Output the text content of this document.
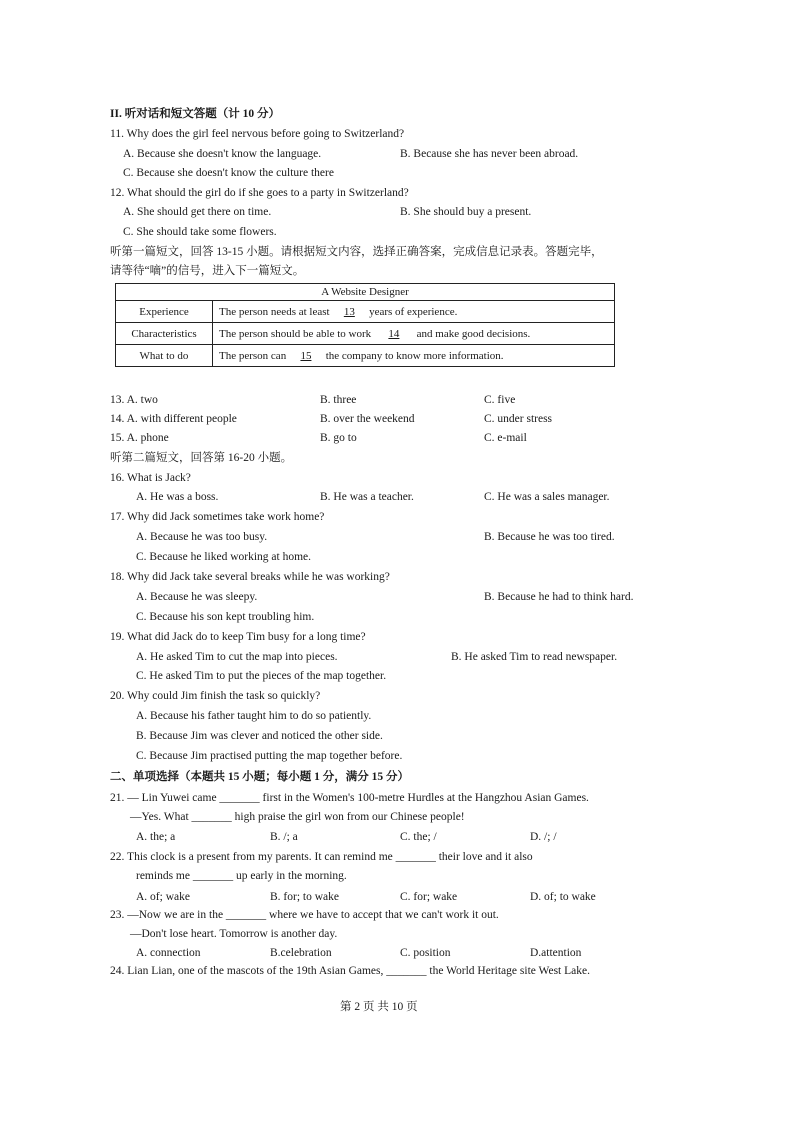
II. 听对话和短文答题（计 10 分）
11. Why does the girl feel nervous before going to Switzerland?
A. Because she doesn't know the language.	B. Because she has never been abroad.
C. Because she doesn't know the culture there
12. What should the girl do if she goes to a party in Switzerland?
A. She should get there on time.	B. She should buy a present.
C. She should take some flowers.
听第一篇短文，回答 13-15 小题。请根据短文内容，选择正确答案，完成信息记录表。答题完毕，
请等待“嘀”的信号，进入下一篇短文。
A Website Designer	
Experience	The person needs at least 13 years of experience.
Characteristics	The person should be able to work 14 and make good decisions.
What to do	The person can 15 the company to know more information.
13. A. two	B. three	C. five
14. A. with different people	B. over the weekend	C. under stress
15. A. phone	B. go to	C. e-mail
听第二篇短文，回答第 16-20 小题。
16. What is Jack?
A. He was a boss.	B. He was a teacher.	C. He was a sales manager.
17. Why did Jack sometimes take work home?
A. Because he was too busy.	B. Because he was too tired.
C. Because he liked working at home.
18. Why did Jack take several breaks while he was working?
A. Because he was sleepy.	B. Because he had to think hard.
C. Because his son kept troubling him.
19. What did Jack do to keep Tim busy for a long time?
A. He asked Tim to cut the map into pieces.	B. He asked Tim to read newspaper.
C. He asked Tim to put the pieces of the map together.
20. Why could Jim finish the task so quickly?
A. Because his father taught him to do so patiently.
B. Because Jim was clever and noticed the other side.
C. Because Jim practised putting the map together before.
二、单项选择（本题共 15 小题；每小题 1 分，满分 15 分）
21. — Lin Yuwei came _______ first in the Women's 100-metre Hurdles at the Hangzhou Asian Games.
—Yes. What _______ high praise the girl won from our Chinese people!
A. the; a	B. /; a	C. the; /	D. /; /
22. This clock is a present from my parents. It can remind me _______ their love and it also
reminds me _______ up early in the morning.
A. of; wake	B. for; to wake	C. for; wake	D. of; to wake
23. —Now we are in the _______ where we have to accept that we can't work it out.
—Don't lose heart. Tomorrow is another day.
A. connection	B.celebration	C. position	D.attention
24. Lian Lian, one of the mascots of the 19th Asian Games, _______ the World Heritage site West Lake.
第 2 页 共 10 页
